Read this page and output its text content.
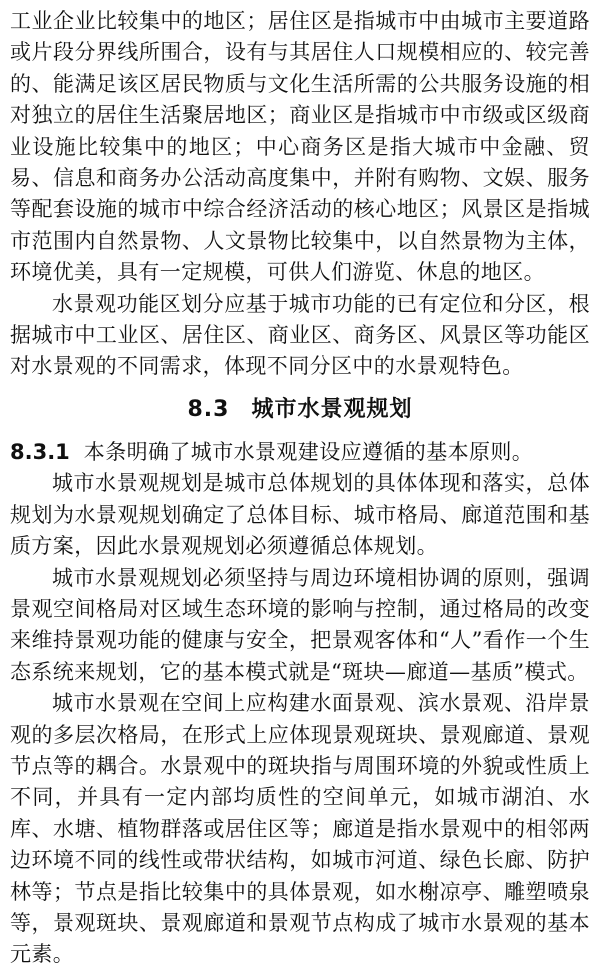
工业企业比较集中的地区；居住区是指城市中由城市主要道路或片段分界线所围合，设有与其居住人口规模相应的、较完善的、能满足该区居民物质与文化生活所需的公共服务设施的相对独立的居住生活聚居地区；商业区是指城市中市级或区级商业设施比较集中的地区；中心商务区是指大城市中金融、贸易、信息和商务办公活动高度集中，并附有购物、文娱、服务等配套设施的城市中综合经济活动的核心地区；风景区是指城市范围内自然景物、人文景物比较集中，以自然景物为主体，环境优美，具有一定规模，可供人们游览、休息的地区。

水景观功能区划分应基于城市功能的已有定位和分区，根据城市中工业区、居住区、商业区、商务区、风景区等功能区对水景观的不同需求，体现不同分区中的水景观特色。

8.3 城市水景观规划

8.3.1 本条明确了城市水景观建设应遵循的基本原则。

城市水景观规划是城市总体规划的具体体现和落实，总体规划为水景观规划确定了总体目标、城市格局、廊道范围和基质方案，因此水景观规划必须遵循总体规划。

城市水景观规划必须坚持与周边环境相协调的原则，强调景观空间格局对区域生态环境的影响与控制，通过格局的改变来维持景观功能的健康与安全，把景观客体和“人”看作一个生态系统来规划，它的基本模式就是“斑块—廊道—基质”模式。

城市水景观在空间上应构建水面景观、滨水景观、沿岸景观的多层次格局，在形式上应体现景观斑块、景观廊道、景观节点等的耦合。水景观中的斑块指与周围环境的外貌或性质上不同，并具有一定内部均质性的空间单元，如城市湖泊、水库、水塘、植物群落或居住区等；廊道是指水景观中的相邻两边环境不同的线性或带状结构，如城市河道、绿色长廊、防护林等；节点是指比较集中的具体景观，如水榭凉亭、雕塑喷泉等，景观斑块、景观廊道和景观节点构成了城市水景观的基本元素。
